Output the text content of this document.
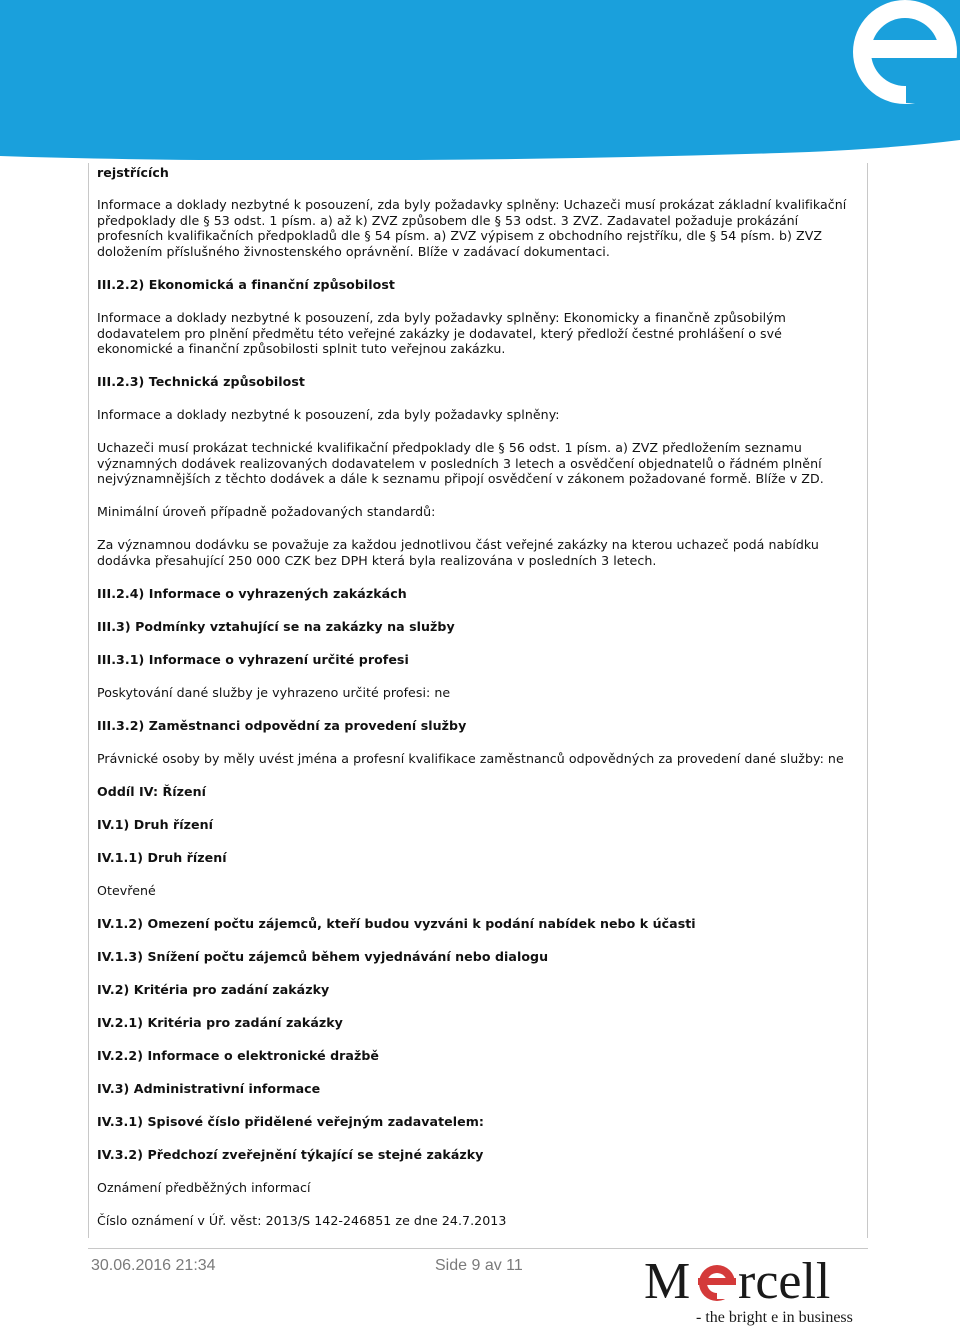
rejstřících

Informace a doklady nezbytné k posouzení, zda byly požadavky splněny: Uchazeči musí prokázat základní kvalifikační předpoklady dle § 53 odst. 1 písm. a) až k) ZVZ způsobem dle § 53 odst. 3 ZVZ. Zadavatel požaduje prokázání profesních kvalifikačních předpokladů dle § 54 písm. a) ZVZ výpisem z obchodního rejstříku, dle § 54 písm. b) ZVZ doložením příslušného živnostenského oprávnění. Blíže v zadávací dokumentaci.

III.2.2) Ekonomická a finanční způsobilost

Informace a doklady nezbytné k posouzení, zda byly požadavky splněny: Ekonomicky a finančně způsobilým dodavatelem pro plnění předmětu této veřejné zakázky je dodavatel, který předloží čestné prohlášení o své ekonomické a finanční způsobilosti splnit tuto veřejnou zakázku.

III.2.3) Technická způsobilost

Informace a doklady nezbytné k posouzení, zda byly požadavky splněny:

Uchazeči musí prokázat technické kvalifikační předpoklady dle § 56 odst. 1 písm. a) ZVZ předložením seznamu významných dodávek realizovaných dodavatelem v posledních 3 letech a osvědčení objednatelů o řádném plnění nejvýznamnějších z těchto dodávek a dále k seznamu připojí osvědčení v zákonem požadované formě. Blíže v ZD.

Minimální úroveň případně požadovaných standardů:

Za významnou dodávku se považuje za každou jednotlivou část veřejné zakázky na kterou uchazeč podá nabídku dodávka přesahující 250 000 CZK bez DPH která byla realizována v posledních 3 letech.

III.2.4) Informace o vyhrazených zakázkách

III.3) Podmínky vztahující se na zakázky na služby

III.3.1) Informace o vyhrazení určité profesi

Poskytování dané služby je vyhrazeno určité profesi: ne

III.3.2) Zaměstnanci odpovědní za provedení služby

Právnické osoby by měly uvést jména a profesní kvalifikace zaměstnanců odpovědných za provedení dané služby: ne

Oddíl IV: Řízení

IV.1) Druh řízení

IV.1.1) Druh řízení

Otevřené

IV.1.2) Omezení počtu zájemců, kteří budou vyzváni k podání nabídek nebo k účasti

IV.1.3) Snížení počtu zájemců během vyjednávání nebo dialogu

IV.2) Kritéria pro zadání zakázky

IV.2.1) Kritéria pro zadání zakázky

IV.2.2) Informace o elektronické dražbě

IV.3) Administrativní informace

IV.3.1) Spisové číslo přidělené veřejným zadavatelem:

IV.3.2) Předchozí zveřejnění týkající se stejné zakázky

Oznámení předběžných informací

Číslo oznámení v Úř. věst: 2013/S 142-246851 ze dne 24.7.2013

30.06.2016 21:34	Side 9 av 11 M rcell
- the bright e in business
